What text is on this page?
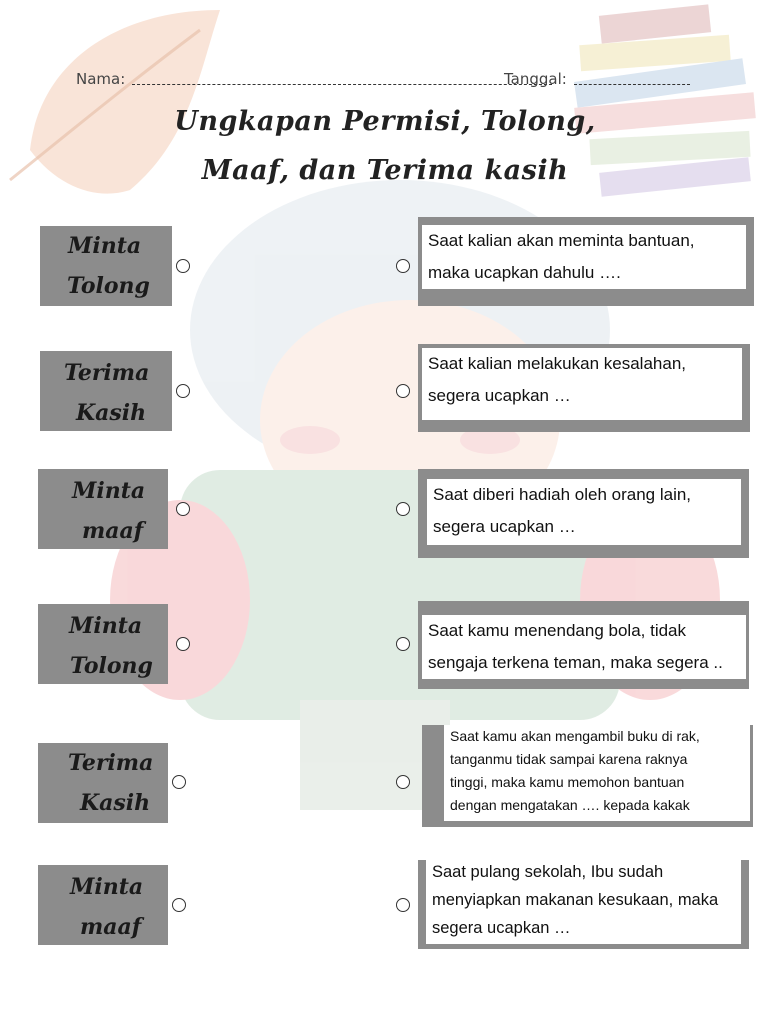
Nama:	Tanggal:
Ungkapan Permisi, Tolong,
Maaf, dan Terima kasih
Minta
Tolong
Saat kalian akan meminta bantuan,
maka ucapkan dahulu ….
Terima
Kasih
Saat kalian melakukan kesalahan,
segera ucapkan …
Minta
maaf
Saat diberi hadiah oleh orang lain,
segera ucapkan …
Minta
Tolong
Saat kamu menendang bola, tidak
sengaja terkena teman, maka segera ..
Terima
Kasih
Saat kamu akan mengambil buku di rak,
tanganmu tidak sampai karena raknya
tinggi, maka kamu memohon bantuan
dengan mengatakan …. kepada kakak
Minta
maaf
Saat pulang sekolah, Ibu sudah
menyiapkan makanan kesukaan, maka
segera ucapkan …
